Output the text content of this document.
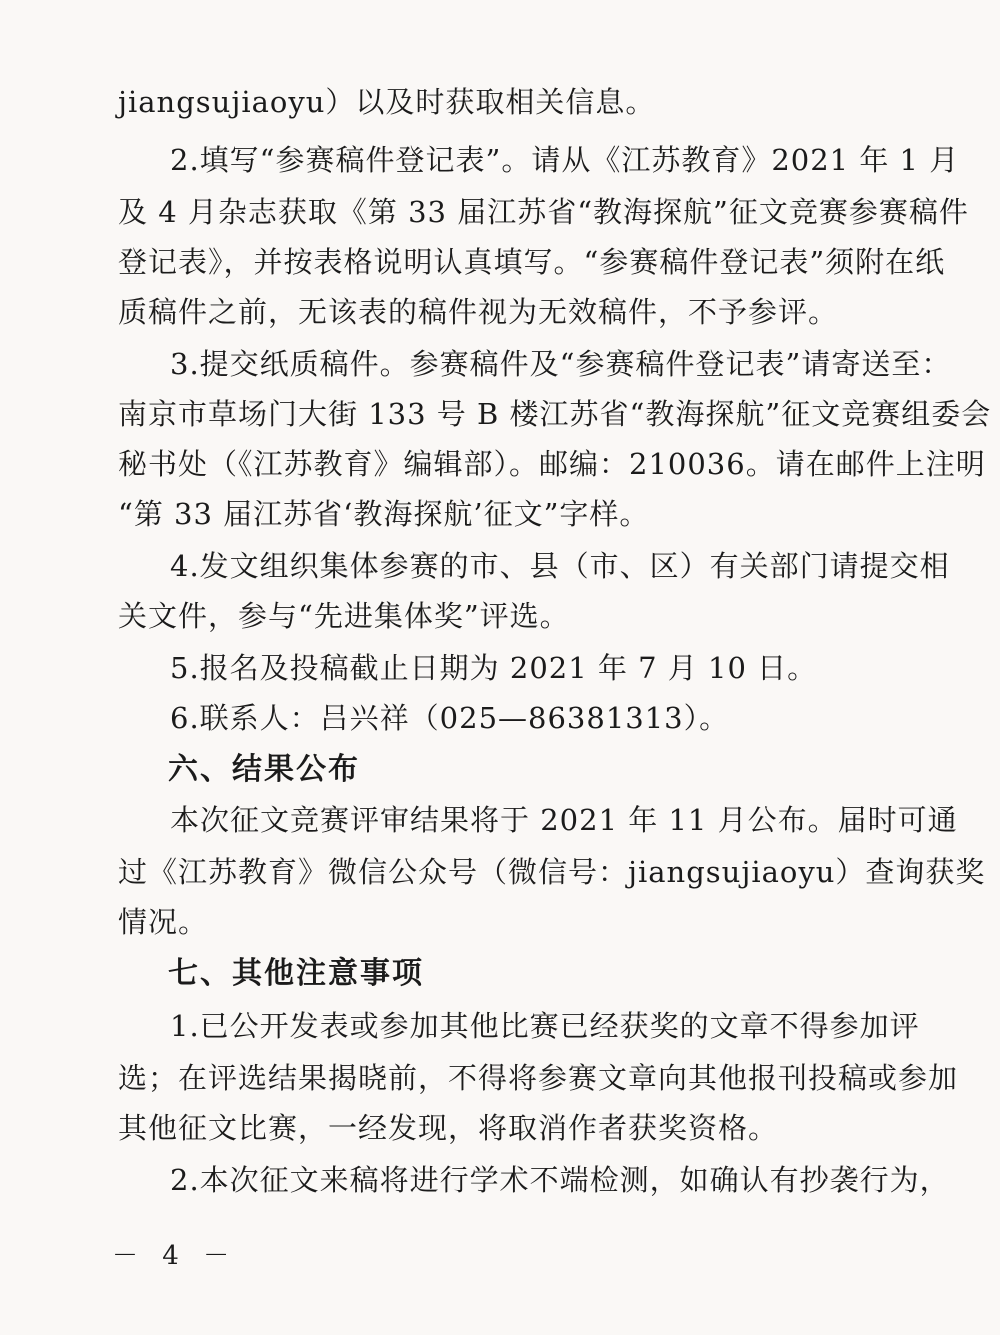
jiangsujiaoyu）以及时获取相关信息。
2.填写“参赛稿件登记表”。请从《江苏教育》2021 年 1 月
及 4 月杂志获取《第 33 届江苏省“教海探航”征文竞赛参赛稿件
登记表》，并按表格说明认真填写。“参赛稿件登记表”须附在纸
质稿件之前，无该表的稿件视为无效稿件，不予参评。
3.提交纸质稿件。参赛稿件及“参赛稿件登记表”请寄送至：
南京市草场门大街 133 号 B 楼江苏省“教海探航”征文竞赛组委会
秘书处（《江苏教育》编辑部）。邮编：210036。请在邮件上注明
“第 33 届江苏省‘教海探航’征文”字样。
4.发文组织集体参赛的市、县（市、区）有关部门请提交相
关文件，参与“先进集体奖”评选。
5.报名及投稿截止日期为 2021 年 7 月 10 日。
6.联系人：吕兴祥（025—86381313）。
六、结果公布
本次征文竞赛评审结果将于 2021 年 11 月公布。届时可通
过《江苏教育》微信公众号（微信号：jiangsujiaoyu）查询获奖
情况。
七、其他注意事项
1.已公开发表或参加其他比赛已经获奖的文章不得参加评
选；在评选结果揭晓前，不得将参赛文章向其他报刊投稿或参加
其他征文比赛，一经发现，将取消作者获奖资格。
2.本次征文来稿将进行学术不端检测，如确认有抄袭行为，
－ 4 －
